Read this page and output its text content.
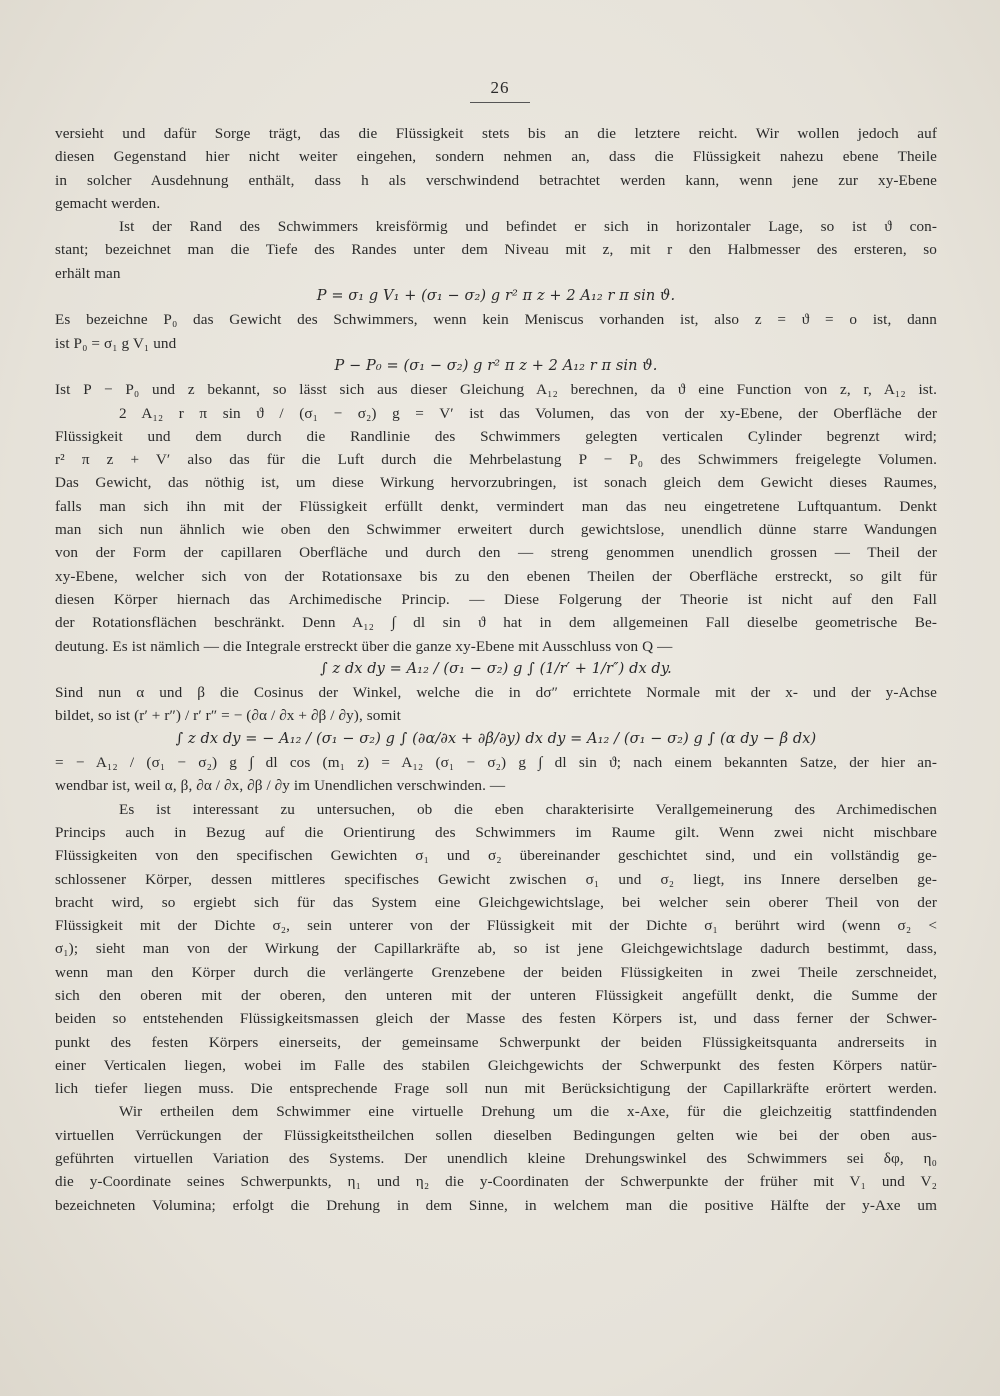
26
versieht und dafür Sorge trägt, das die Flüssigkeit stets bis an die letztere reicht. Wir wollen jedoch auf
diesen Gegenstand hier nicht weiter eingehen, sondern nehmen an, dass die Flüssigkeit nahezu ebene Theile
in solcher Ausdehnung enthält, dass h als verschwindend betrachtet werden kann, wenn jene zur xy-Ebene
gemacht werden.
Ist der Rand des Schwimmers kreisförmig und befindet er sich in horizontaler Lage, so ist ϑ con-
stant; bezeichnet man die Tiefe des Randes unter dem Niveau mit z, mit r den Halbmesser des ersteren, so
erhält man
P = σ₁ g V₁ + (σ₁ − σ₂) g r² π z + 2 A₁₂ r π sin ϑ.
Es bezeichne P₀ das Gewicht des Schwimmers, wenn kein Meniscus vorhanden ist, also z = ϑ = o ist, dann
ist P₀ = σ₁ g V₁ und
P − P₀ = (σ₁ − σ₂) g r² π z + 2 A₁₂ r π sin ϑ.
Ist P − P₀ und z bekannt, so lässt sich aus dieser Gleichung A₁₂ berechnen, da ϑ eine Function von z, r, A₁₂ ist.
2 A₁₂ r π sin ϑ / (σ₁ − σ₂) g = V′ ist das Volumen, das von der xy-Ebene, der Oberfläche der
Flüssigkeit und dem durch die Randlinie des Schwimmers gelegten verticalen Cylinder begrenzt wird;
r² π z + V′ also das für die Luft durch die Mehrbelastung P − P₀ des Schwimmers freigelegte Volumen.
Das Gewicht, das nöthig ist, um diese Wirkung hervorzubringen, ist sonach gleich dem Gewicht dieses Raumes,
falls man sich ihn mit der Flüssigkeit erfüllt denkt, vermindert man das neu eingetretene Luftquantum. Denkt
man sich nun ähnlich wie oben den Schwimmer erweitert durch gewichtslose, unendlich dünne starre Wandungen
von der Form der capillaren Oberfläche und durch den — streng genommen unendlich grossen — Theil der
xy-Ebene, welcher sich von der Rotationsaxe bis zu den ebenen Theilen der Oberfläche erstreckt, so gilt für
diesen Körper hiernach das Archimedische Princip. — Diese Folgerung der Theorie ist nicht auf den Fall
der Rotationsflächen beschränkt. Denn A₁₂ ∫ dl sin ϑ hat in dem allgemeinen Fall dieselbe geometrische Be-
deutung. Es ist nämlich — die Integrale erstreckt über die ganze xy-Ebene mit Ausschluss von Q —
∫ z dx dy = A₁₂ / (σ₁ − σ₂) g ∫ (1/r′ + 1/r″) dx dy.
Sind nun α und β die Cosinus der Winkel, welche die in dσ″ errichtete Normale mit der x- und der y-Achse
bildet, so ist (r′ + r″) / r′ r″ = − (∂α / ∂x + ∂β / ∂y), somit
∫ z dx dy = − A₁₂ / (σ₁ − σ₂) g ∫ (∂α/∂x + ∂β/∂y) dx dy = A₁₂ / (σ₁ − σ₂) g ∫ (α dy − β dx)
= − A₁₂ / (σ₁ − σ₂) g ∫ dl cos (m₁ z) = A₁₂ (σ₁ − σ₂) g ∫ dl sin ϑ; nach einem bekannten Satze, der hier an-
wendbar ist, weil α, β, ∂α / ∂x, ∂β / ∂y im Unendlichen verschwinden. —
Es ist interessant zu untersuchen, ob die eben charakterisirte Verallgemeinerung des Archimedischen
Princips auch in Bezug auf die Orientirung des Schwimmers im Raume gilt. Wenn zwei nicht mischbare
Flüssigkeiten von den specifischen Gewichten σ₁ und σ₂ übereinander geschichtet sind, und ein vollständig ge-
schlossener Körper, dessen mittleres specifisches Gewicht zwischen σ₁ und σ₂ liegt, ins Innere derselben ge-
bracht wird, so ergiebt sich für das System eine Gleichgewichtslage, bei welcher sein oberer Theil von der
Flüssigkeit mit der Dichte σ₂, sein unterer von der Flüssigkeit mit der Dichte σ₁ berührt wird (wenn σ₂ <
σ₁); sieht man von der Wirkung der Capillarkräfte ab, so ist jene Gleichgewichtslage dadurch bestimmt, dass,
wenn man den Körper durch die verlängerte Grenzebene der beiden Flüssigkeiten in zwei Theile zerschneidet,
sich den oberen mit der oberen, den unteren mit der unteren Flüssigkeit angefüllt denkt, die Summe der
beiden so entstehenden Flüssigkeitsmassen gleich der Masse des festen Körpers ist, und dass ferner der Schwer-
punkt des festen Körpers einerseits, der gemeinsame Schwerpunkt der beiden Flüssigkeitsquanta andrerseits in
einer Verticalen liegen, wobei im Falle des stabilen Gleichgewichts der Schwerpunkt des festen Körpers natür-
lich tiefer liegen muss. Die entsprechende Frage soll nun mit Berücksichtigung der Capillarkräfte erörtert werden.
Wir ertheilen dem Schwimmer eine virtuelle Drehung um die x-Axe, für die gleichzeitig stattfindenden
virtuellen Verrückungen der Flüssigkeitstheilchen sollen dieselben Bedingungen gelten wie bei der oben aus-
geführten virtuellen Variation des Systems. Der unendlich kleine Drehungswinkel des Schwimmers sei δφ, η₀
die y-Coordinate seines Schwerpunkts, η₁ und η₂ die y-Coordinaten der Schwerpunkte der früher mit V₁ und V₂
bezeichneten Volumina; erfolgt die Drehung in dem Sinne, in welchem man die positive Hälfte der y-Axe um
